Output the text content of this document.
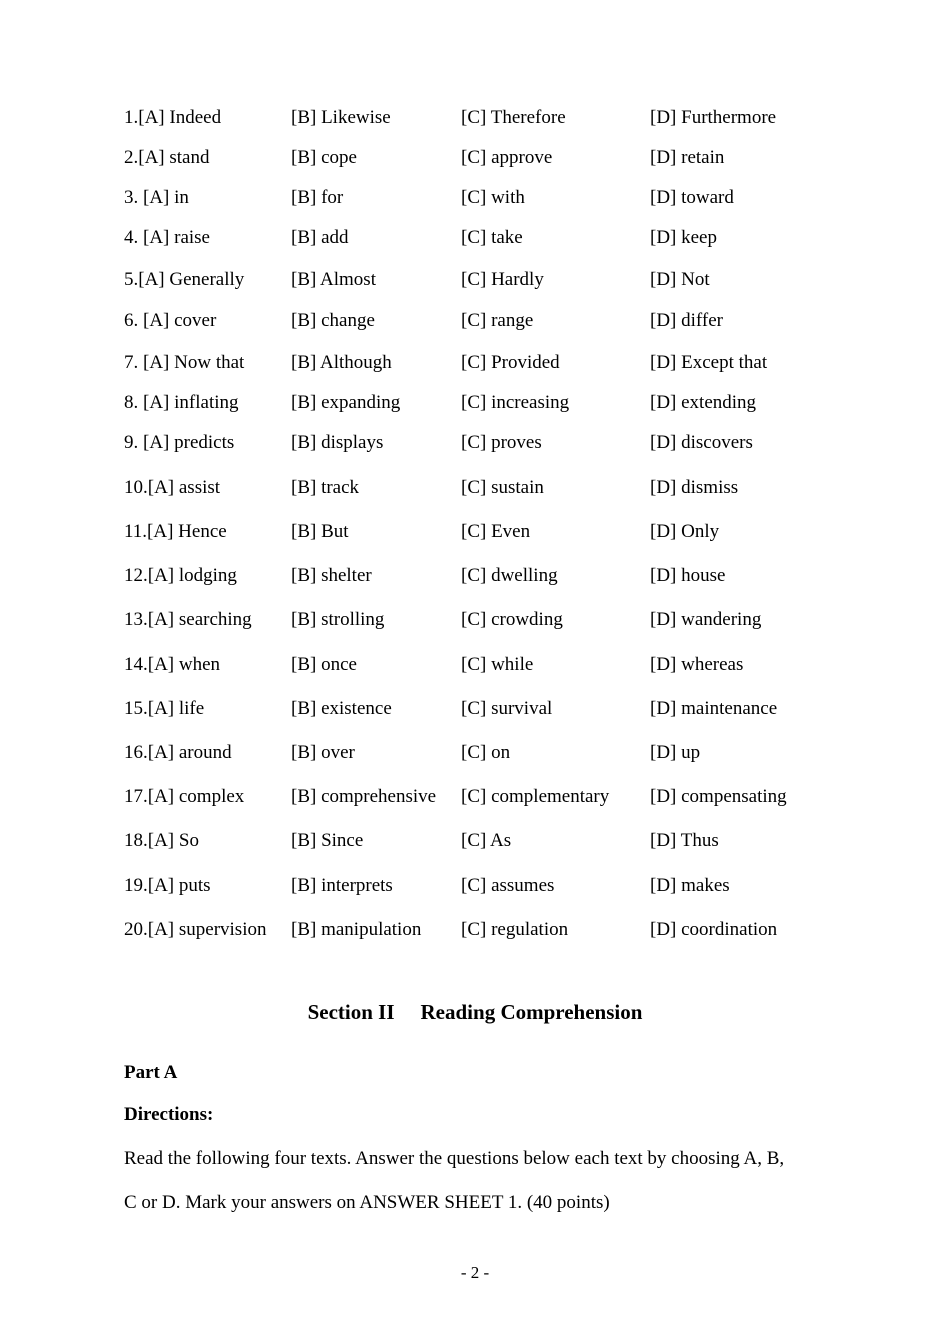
1.[A] Indeed	[B] Likewise	[C] Therefore	[D] Furthermore
2.[A] stand	[B] cope	[C] approve	[D] retain
3. [A] in	[B] for	[C] with	[D] toward
4. [A] raise	[B] add	[C] take	[D] keep
5.[A] Generally [B] Almost	[C] Hardly	[D] Not
6. [A] cover	[B] change	[C] range	[D] differ
7. [A] Now that [B] Although	[C] Provided	[D] Except that
8. [A] inflating	[B] expanding	[C] increasing	[D] extending
9. [A] predicts	[B] displays	[C] proves	[D] discovers
10.[A] assist	[B] track	[C] sustain	[D] dismiss
11.[A] Hence	[B] But	[C] Even	[D] Only
12.[A] lodging	[B] shelter	[C] dwelling	[D] house
13.[A] searching [B] strolling	[C] crowding	[D] wandering
14.[A] when	[B] once	[C] while	[D] whereas
15.[A] life	[B] existence	[C] survival	[D] maintenance
16.[A] around	[B] over	[C] on	[D] up
17.[A] complex [B] comprehensive [C] complementary [D] compensating
18.[A] So	[B] Since	[C] As	[D] Thus
19.[A] puts	[B] interprets	[C] assumes	[D] makes
20.[A] supervision [B] manipulation [C] regulation	[D] coordination
Section II Reading Comprehension
Part A
Directions:
Read the following four texts. Answer the questions below each text by choosing A, B,
C or D. Mark your answers on ANSWER SHEET 1. (40 points)
- 2 -
